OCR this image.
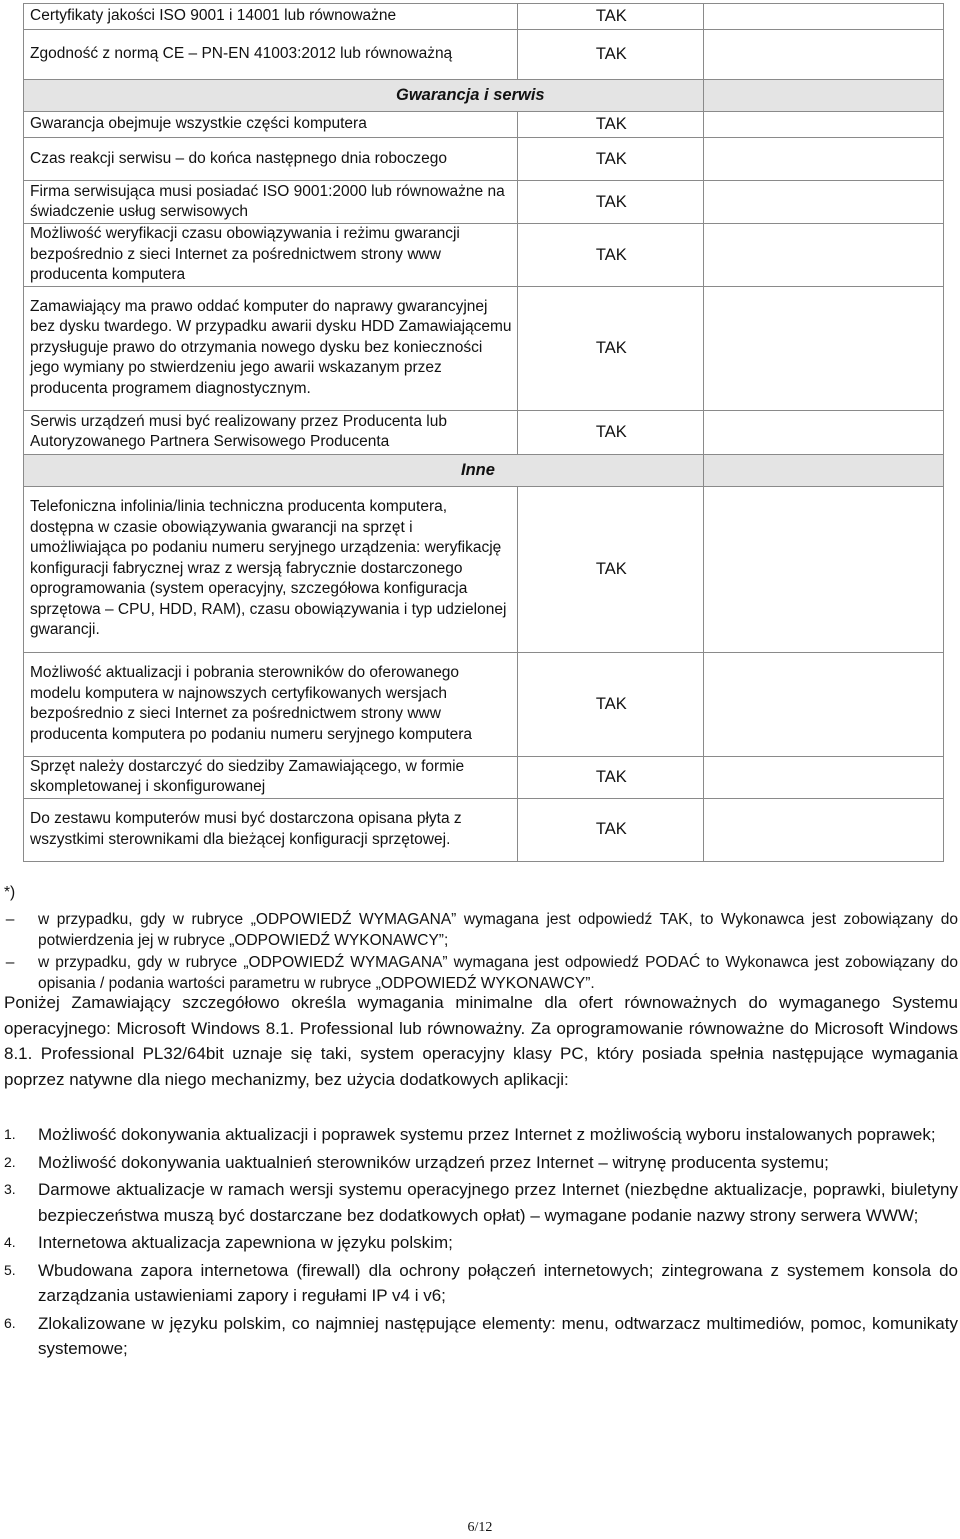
Certyfikaty jakości ISO 9001 i 14001 lub równoważne	TAK	
Zgodność z normą CE – PN-EN 41003:2012 lub równoważną	TAK	

Gwarancja i serwis		

Gwarancja obejmuje wszystkie części komputera	TAK	
Czas reakcji serwisu – do końca następnego dnia roboczego	TAK	
Firma serwisująca musi posiadać ISO 9001:2000 lub równoważne na świadczenie usług serwisowych	TAK	
Możliwość weryfikacji czasu obowiązywania i reżimu gwarancji bezpośrednio z sieci Internet za pośrednictwem strony www producenta komputera	TAK	
Zamawiający ma prawo oddać komputer do naprawy gwarancyjnej bez dysku twardego. W przypadku awarii dysku HDD Zamawiającemu przysługuje prawo do otrzymania nowego dysku bez konieczności jego wymiany po stwierdzeniu jego awarii wskazanym przez producenta programem diagnostycznym.	TAK	
Serwis urządzeń musi być realizowany przez Producenta lub Autoryzowanego Partnera Serwisowego Producenta	TAK	

Inne		

Telefoniczna infolinia/linia techniczna producenta komputera, dostępna w czasie obowiązywania gwarancji na sprzęt i umożliwiająca po podaniu numeru seryjnego urządzenia: weryfikację konfiguracji fabrycznej wraz z wersją fabrycznie dostarczonego oprogramowania (system operacyjny, szczegółowa konfiguracja sprzętowa – CPU, HDD, RAM), czasu obowiązywania i typ udzielonej gwarancji.	TAK	
Możliwość aktualizacji i pobrania sterowników do oferowanego modelu komputera w najnowszych certyfikowanych wersjach bezpośrednio z sieci Internet za pośrednictwem strony www producenta komputera po podaniu numeru seryjnego komputera	TAK	
Sprzęt należy dostarczyć do siedziby Zamawiającego, w formie skompletowanej i skonfigurowanej	TAK	
Do zestawu komputerów musi być dostarczona opisana płyta z wszystkimi sterownikami dla bieżącej konfiguracji sprzętowej.	TAK	
*)
–	w przypadku, gdy w rubryce „ODPOWIEDŹ WYMAGANA” wymagana jest odpowiedź TAK, to Wykonawca jest zobowiązany do potwierdzenia jej w rubryce „ODPOWIEDŹ WYKONAWCY”;
–	w przypadku, gdy w rubryce „ODPOWIEDŹ WYMAGANA” wymagana jest odpowiedź PODAĆ to Wykonawca jest zobowiązany do opisania / podania wartości parametru w rubryce „ODPOWIEDŹ WYKONAWCY”.
Poniżej Zamawiający szczegółowo określa wymagania minimalne dla ofert równoważnych do wymaganego Systemu operacyjnego: Microsoft Windows 8.1. Professional lub równoważny. Za oprogramowanie równoważne do Microsoft Windows 8.1. Professional PL32/64bit uznaje się taki, system operacyjny klasy PC, który posiada spełnia następujące wymagania poprzez natywne dla niego mechanizmy, bez użycia dodatkowych aplikacji:
1. Możliwość dokonywania aktualizacji i poprawek systemu przez Internet z możliwością wyboru instalowanych poprawek;
2. Możliwość dokonywania uaktualnień sterowników urządzeń przez Internet – witrynę producenta systemu;
3. Darmowe aktualizacje w ramach wersji systemu operacyjnego przez Internet (niezbędne aktualizacje, poprawki, biuletyny bezpieczeństwa muszą być dostarczane bez dodatkowych opłat) – wymagane podanie nazwy strony serwera WWW;
4. Internetowa aktualizacja zapewniona w języku polskim;
5. Wbudowana zapora internetowa (firewall) dla ochrony połączeń internetowych; zintegrowana z systemem konsola do zarządzania ustawieniami zapory i regułami IP v4 i v6;
6. Zlokalizowane w języku polskim, co najmniej następujące elementy: menu, odtwarzacz multimediów, pomoc, komunikaty systemowe;
6/12
